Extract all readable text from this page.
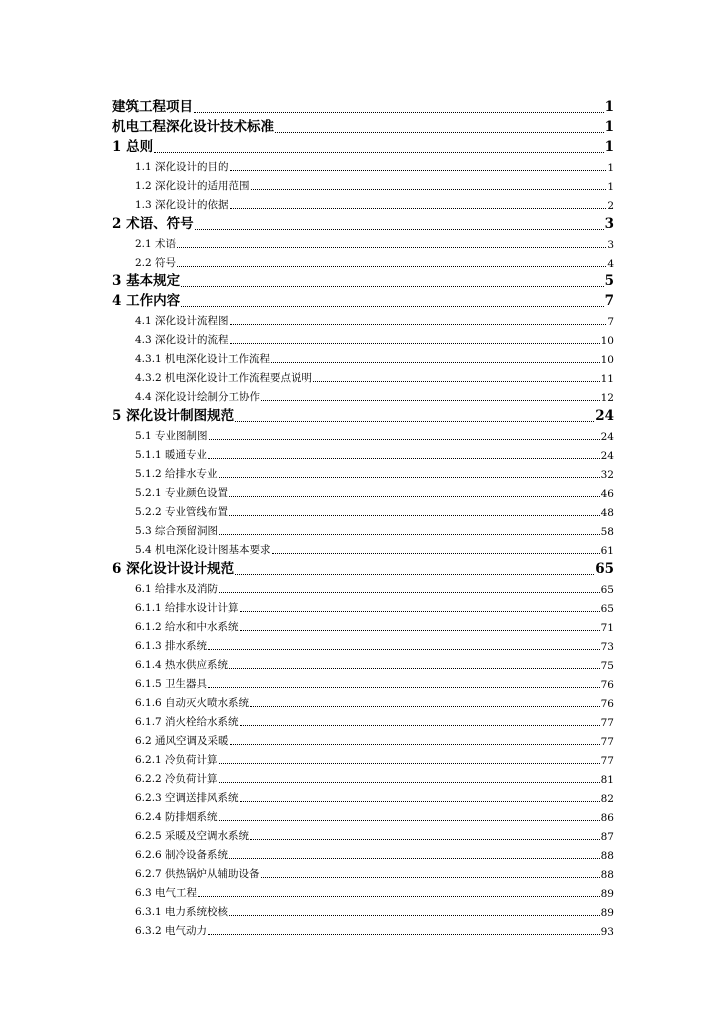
建筑工程项目	1
机电工程深化设计技术标准	1
1 总则	1
1.1 深化设计的目的	1
1.2 深化设计的适用范围	1
1.3 深化设计的依据	2
2 术语、符号	3
2.1 术语	3
2.2 符号	4
3 基本规定	5
4 工作内容	7
4.1 深化设计流程图	7
4.3 深化设计的流程	10
4.3.1 机电深化设计工作流程	10
4.3.2 机电深化设计工作流程要点说明	11
4.4 深化设计绘制分工协作	12
5 深化设计制图规范	24
5.1 专业图制图	24
5.1.1 暖通专业	24
5.1.2 给排水专业	32
5.2.1 专业颜色设置	46
5.2.2 专业管线布置	48
5.3 综合预留洞图	58
5.4 机电深化设计图基本要求	61
6 深化设计设计规范	65
6.1 给排水及消防	65
6.1.1 给排水设计计算	65
6.1.2 给水和中水系统	71
6.1.3 排水系统	73
6.1.4 热水供应系统	75
6.1.5 卫生器具	76
6.1.6 自动灭火喷水系统	76
6.1.7 消火栓给水系统	77
6.2 通风空调及采暖	77
6.2.1 冷负荷计算	77
6.2.2 冷负荷计算	81
6.2.3 空调送排风系统	82
6.2.4 防排烟系统	86
6.2.5 采暖及空调水系统	87
6.2.6 制冷设备系统	88
6.2.7 供热锅炉从辅助设备	88
6.3 电气工程	89
6.3.1 电力系统校核	89
6.3.2 电气动力	93
